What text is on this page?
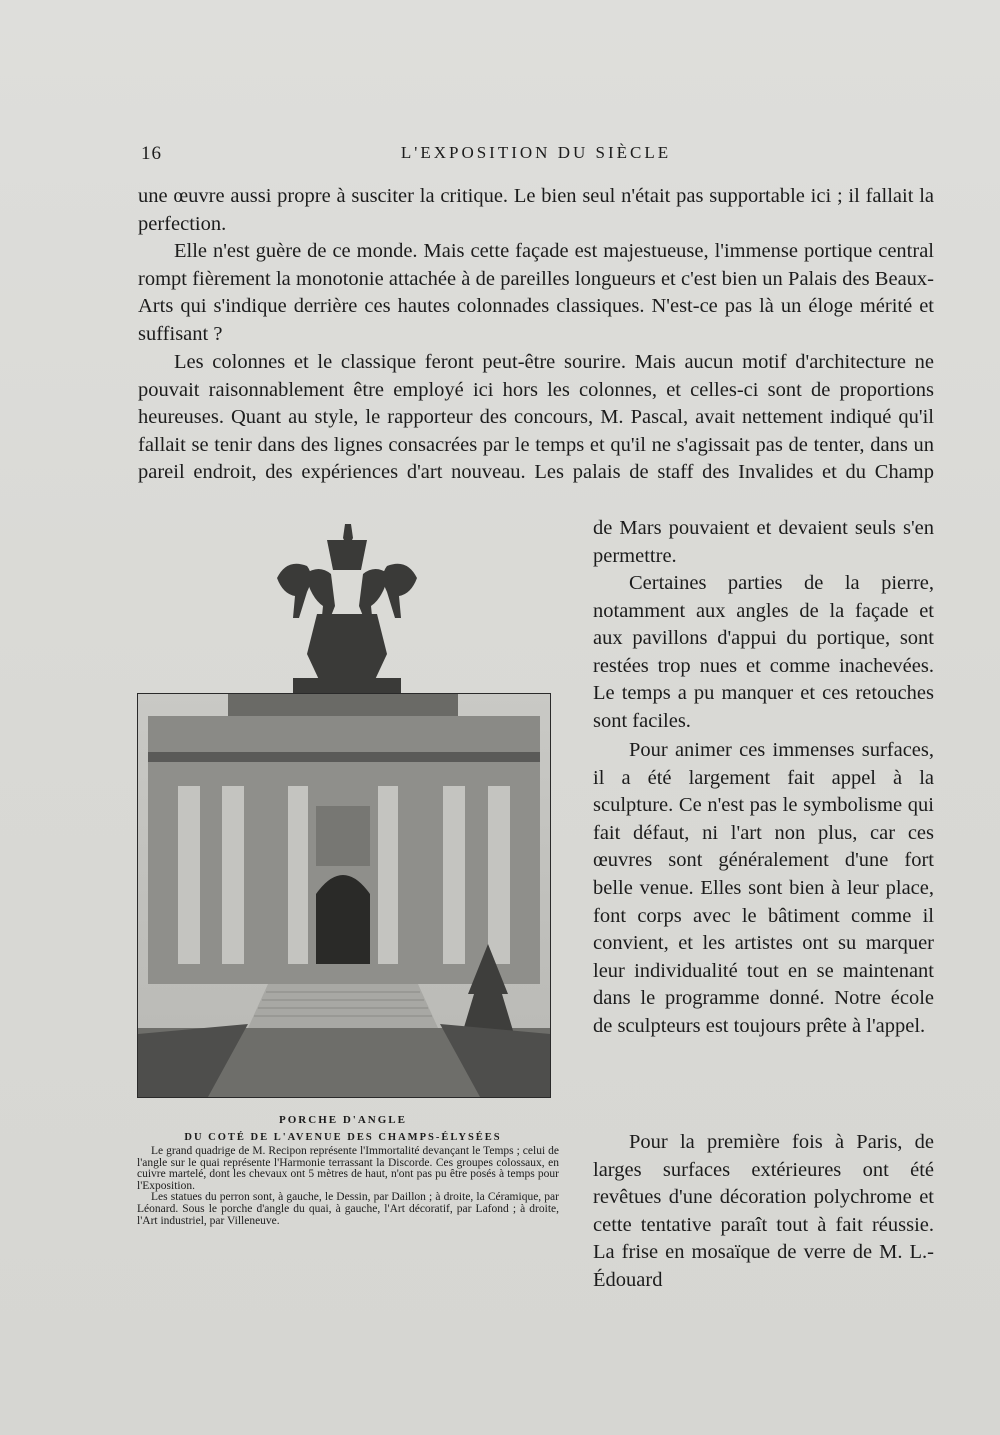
16	L'EXPOSITION DU SIÈCLE

une œuvre aussi propre à susciter la critique. Le bien seul n'était pas supportable ici ; il fallait la perfection.

Elle n'est guère de ce monde. Mais cette façade est majestueuse, l'immense portique central rompt fièrement la monotonie attachée à de pareilles longueurs et c'est bien un Palais des Beaux-Arts qui s'indique derrière ces hautes colonnades classiques. N'est-ce pas là un éloge mérité et suffisant ?

Les colonnes et le classique feront peut-être sourire. Mais aucun motif d'architecture ne pouvait raisonnablement être employé ici hors les colonnes, et celles-ci sont de proportions heureuses. Quant au style, le rapporteur des concours, M. Pascal, avait nettement indiqué qu'il fallait se tenir dans des lignes consacrées par le temps et qu'il ne s'agissait pas de tenter, dans un pareil endroit, des expériences d'art nouveau. Les palais de staff des Invalides et du Champ

de Mars pouvaient et devaient seuls s'en permettre.

Certaines parties de la pierre, notamment aux angles de la façade et aux pavillons d'appui du portique, sont restées trop nues et comme inachevées. Le temps a pu manquer et ces retouches sont faciles.

Pour animer ces immenses surfaces, il a été largement fait appel à la sculpture. Ce n'est pas le symbolisme qui fait défaut, ni l'art non plus, car ces œuvres sont généralement d'une fort belle venue. Elles sont bien à leur place, font corps avec le bâtiment comme il convient, et les artistes ont su marquer leur individualité tout en se maintenant dans le programme donné. Notre école de sculpteurs est toujours prête à l'appel.

Pour la première fois à Paris, de larges surfaces extérieures ont été revêtues d'une décoration polychrome et cette tentative paraît tout à fait réussie. La frise en mosaïque de verre de M. L.-Édouard

PORCHE D'ANGLE
DU COTÉ DE L'AVENUE DES CHAMPS-ÉLYSÉES
Le grand quadrige de M. Recipon représente l'Immortalité devançant le Temps ; celui de l'angle sur le quai représente l'Harmonie terrassant la Discorde. Ces groupes colossaux, en cuivre martelé, dont les chevaux ont 5 mètres de haut, n'ont pas pu être posés à temps pour l'Exposition.
Les statues du perron sont, à gauche, le Dessin, par Daillon ; à droite, la Céramique, par Léonard. Sous le porche d'angle du quai, à gauche, l'Art décoratif, par Lafond ; à droite, l'Art industriel, par Villeneuve.
